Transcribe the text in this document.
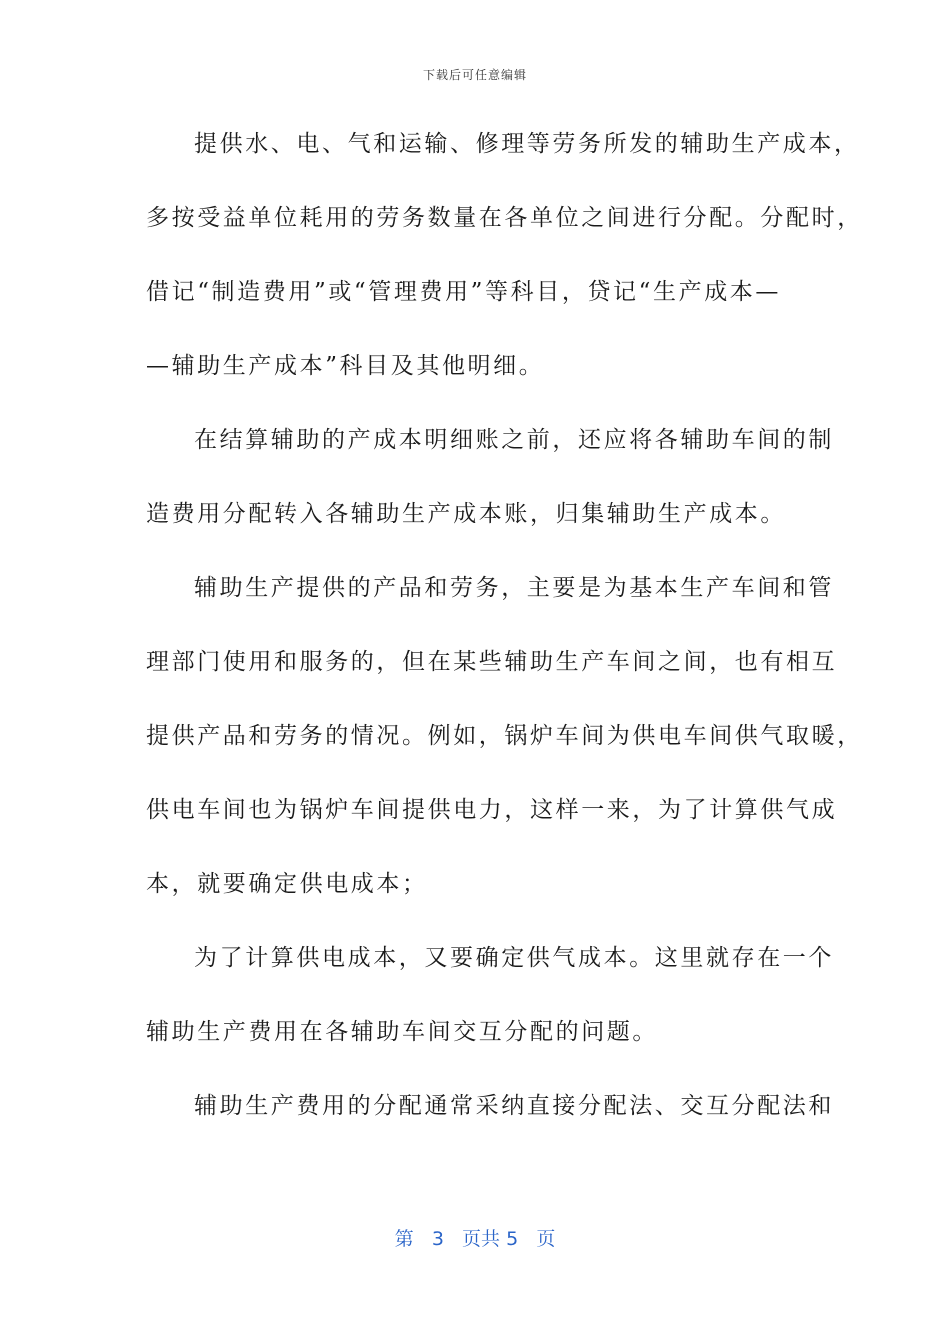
下载后可任意编辑
提供水、电、气和运输、修理等劳务所发的辅助生产成本，
多按受益单位耗用的劳务数量在各单位之间进行分配。分配时，
借记“制造费用”或“管理费用”等科目，贷记“生产成本—
—辅助生产成本”科目及其他明细。
在结算辅助的产成本明细账之前，还应将各辅助车间的制
造费用分配转入各辅助生产成本账，归集辅助生产成本。
辅助生产提供的产品和劳务，主要是为基本生产车间和管
理部门使用和服务的，但在某些辅助生产车间之间，也有相互
提供产品和劳务的情况。例如，锅炉车间为供电车间供气取暖，
供电车间也为锅炉车间提供电力，这样一来，为了计算供气成
本，就要确定供电成本；
为了计算供电成本，又要确定供气成本。这里就存在一个
辅助生产费用在各辅助车间交互分配的问题。
辅助生产费用的分配通常采纳直接分配法、交互分配法和
第 3 页共 5 页
